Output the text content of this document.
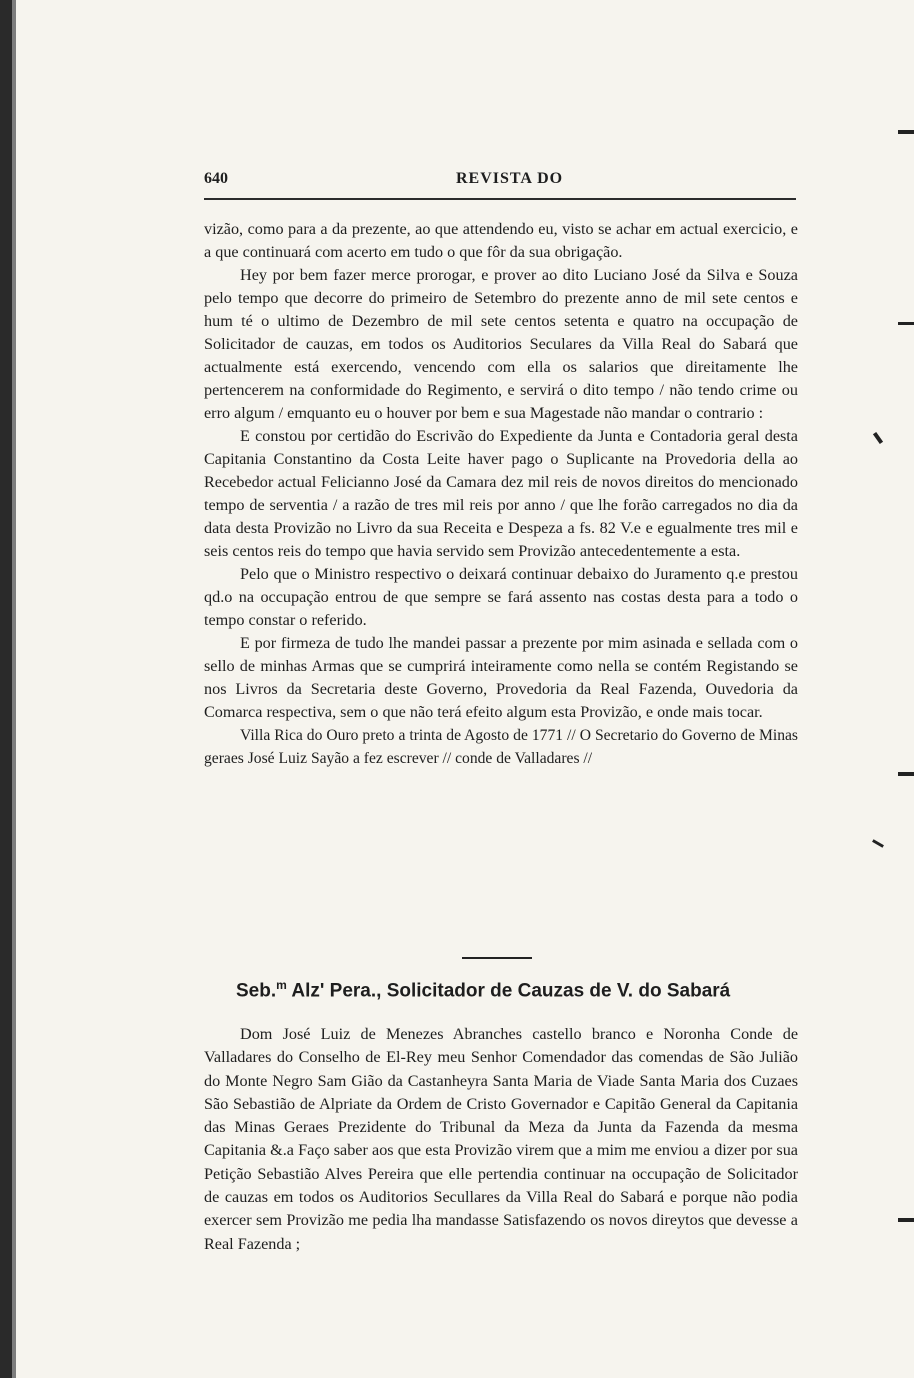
640	REVISTA DO

vizão, como para a da prezente, ao que attendendo eu, visto se achar em actual exercicio, e a que continuará com acerto em tudo o que fôr da sua obrigação.

Hey por bem fazer merce prorogar, e prover ao dito Luciano José da Silva e Souza pelo tempo que decorre do primeiro de Setembro do prezente anno de mil sete centos e hum té o ultimo de Dezembro de mil sete centos setenta e quatro na occupação de Solicitador de cauzas, em todos os Auditorios Seculares da Villa Real do Sabará que actualmente está exercendo, vencendo com ella os salarios que direitamente lhe pertencerem na conformidade do Regimento, e servirá o dito tempo / não tendo crime ou erro algum / emquanto eu o houver por bem e sua Magestade não mandar o contrario :

E constou por certidão do Escrivão do Expediente da Junta e Contadoria geral desta Capitania Constantino da Costa Leite haver pago o Suplicante na Provedoria della ao Recebedor actual Felicianno José da Camara dez mil reis de novos direitos do mencionado tempo de serventia / a razão de tres mil reis por anno / que lhe forão carregados no dia da data desta Provizão no Livro da sua Receita e Despeza a fs. 82 V.e e egualmente tres mil e seis centos reis do tempo que havia servido sem Provizão antecedentemente a esta.

Pelo que o Ministro respectivo o deixará continuar debaixo do Juramento q.e prestou qd.o na occupação entrou de que sempre se fará assento nas costas desta para a todo o tempo constar o referido.

E por firmeza de tudo lhe mandei passar a prezente por mim asinada e sellada com o sello de minhas Armas que se cumprirá inteiramente como nella se contém Registando se nos Livros da Secretaria deste Governo, Provedoria da Real Fazenda, Ouvedoria da Comarca respectiva, sem o que não terá efeito algum esta Provizão, e onde mais tocar.

Villa Rica do Ouro preto a trinta de Agosto de 1771 // O Secretario do Governo de Minas geraes José Luiz Sayão a fez escrever // conde de Valladares //

Seb.$^m$ Alz' Pera., Solicitador de Cauzas de V. do Sabará

Dom José Luiz de Menezes Abranches castello branco e Noronha Conde de Valladares do Conselho de El-Rey meu Senhor Comendador das comendas de São Julião do Monte Negro Sam Gião da Castanheyra Santa Maria de Viade Santa Maria dos Cuzaes São Sebastião de Alpriate da Ordem de Cristo Governador e Capitão General da Capitania das Minas Geraes Prezidente do Tribunal da Meza da Junta da Fazenda da mesma Capitania &.a Faço saber aos que esta Provizão virem que a mim me enviou a dizer por sua Petição Sebastião Alves Pereira que elle pertendia continuar na occupação de Solicitador de cauzas em todos os Auditorios Secullares da Villa Real do Sabará e porque não podia exercer sem Provizão me pedia lha mandasse Satisfazendo os novos direytos que devesse a Real Fazenda ;
